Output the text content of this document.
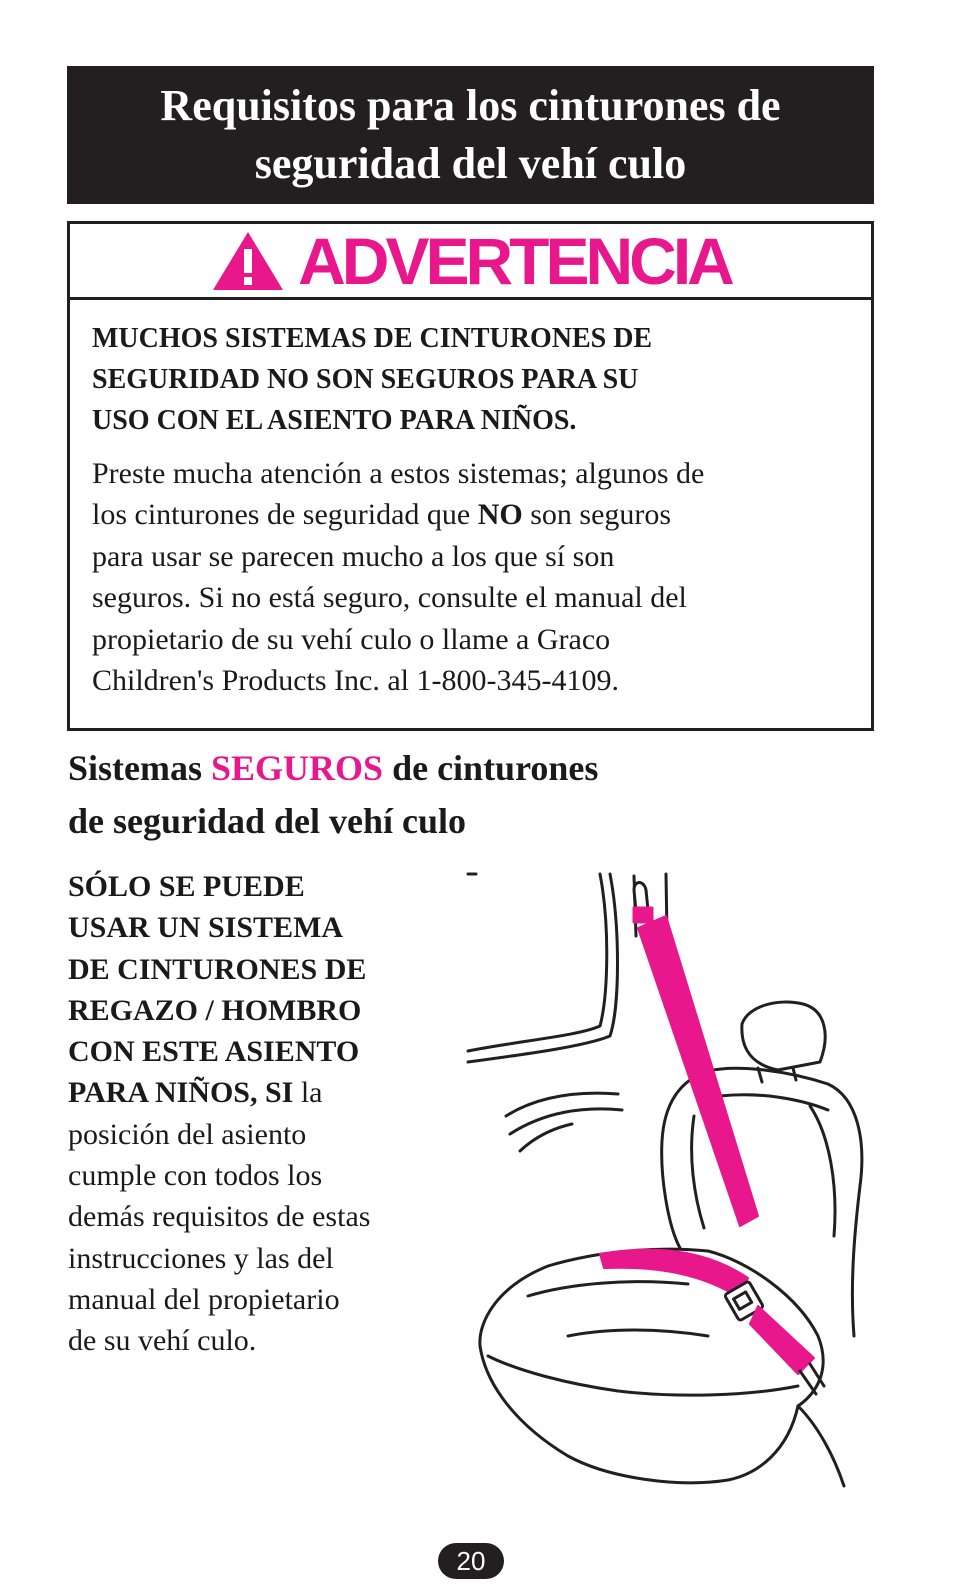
Requisitos para los cinturones de
seguridad del vehí culo
ADVERTENCIA
MUCHOS SISTEMAS DE CINTURONES DE
SEGURIDAD NO SON SEGUROS PARA SU
USO CON EL ASIENTO PARA NIÑOS.
Preste mucha atención a estos sistemas; algunos de
los cinturones de seguridad que NO son seguros
para usar se parecen mucho a los que sí son
seguros. Si no está seguro, consulte el manual del
propietario de su vehí culo o llame a Graco
Children's Products Inc. al 1-800-345-4109.
Sistemas SEGUROS de cinturones
de seguridad del vehí culo
SÓLO SE PUEDE
USAR UN SISTEMA
DE CINTURONES DE
REGAZO / HOMBRO
CON ESTE ASIENTO
PARA NIÑOS, SI la
posición del asiento
cumple con todos los
demás requisitos de estas
instrucciones y las del
manual del propietario
de su vehí culo.
20
